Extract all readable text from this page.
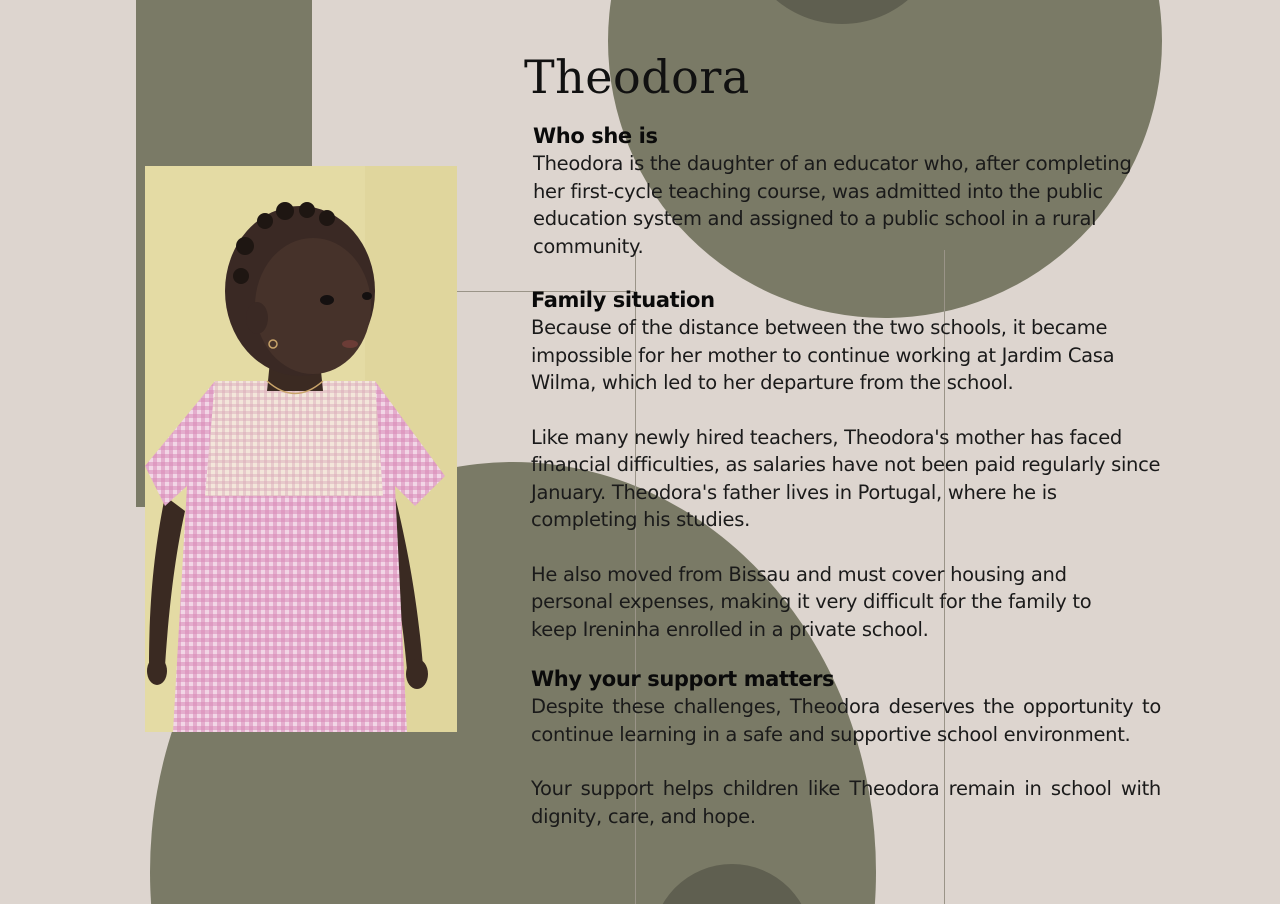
Theodora
Who she is

Theodora is the daughter of an educator who, after completing her first-cycle teaching course, was admitted into the public education system and assigned to a public school in a rural community.

Family situation

Because of the distance between the two schools, it became impossible for her mother to continue working at Jardim Casa Wilma, which led to her departure from the school.

Like many newly hired teachers, Theodora's mother has faced financial difficulties, as salaries have not been paid regularly since January. Theodora's father lives in Portugal, where he is completing his studies.

He also moved from Bissau and must cover housing and personal expenses, making it very difficult for the family to keep Ireninha enrolled in a private school.

Why your support matters

Despite these challenges, Theodora deserves the opportunity to continue learning in a safe and supportive school environment.

Your support helps children like Theodora remain in school with dignity, care, and hope.
